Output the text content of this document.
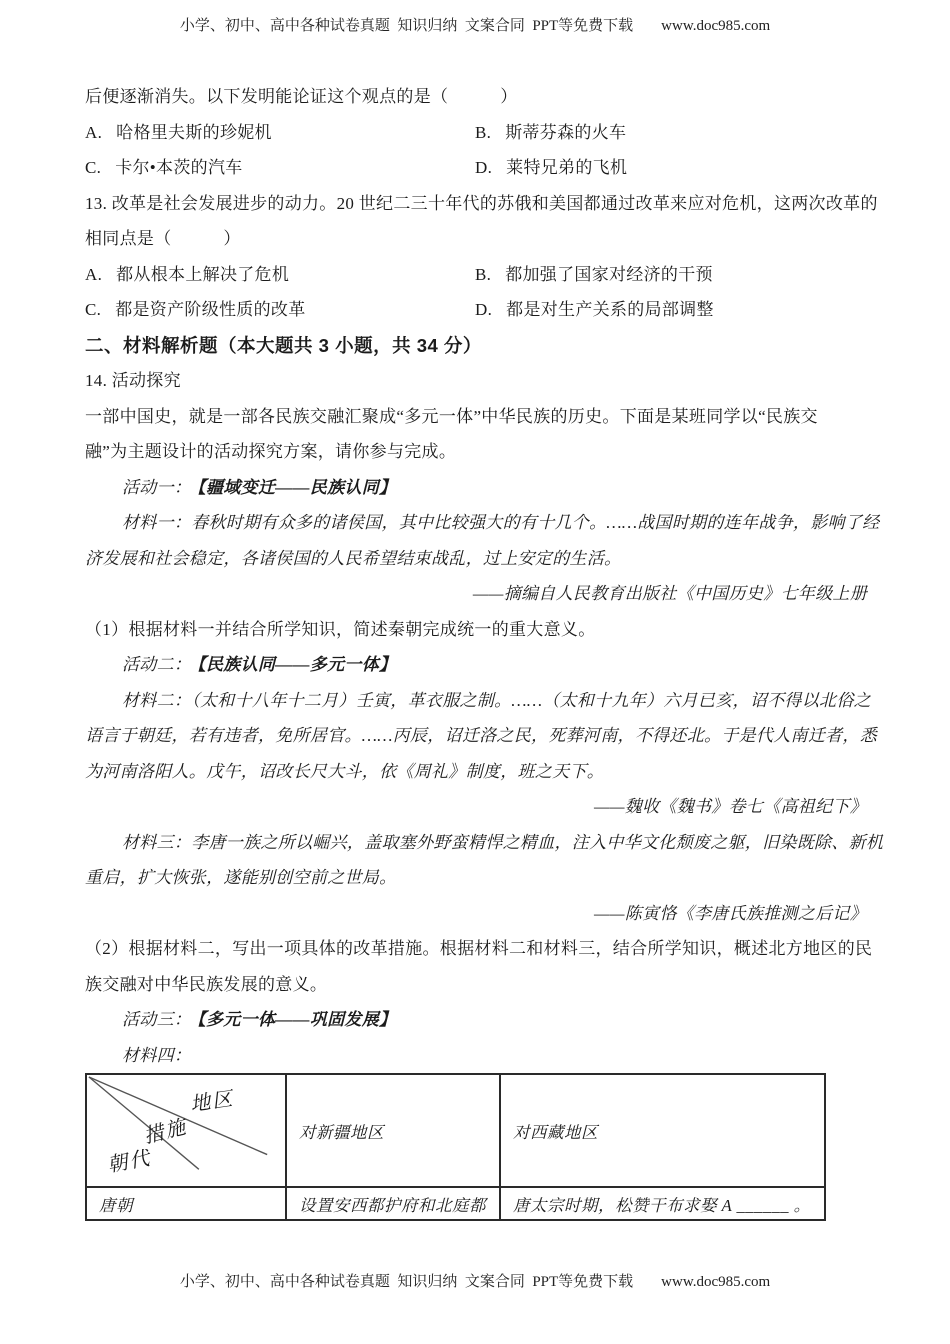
小学、初中、高中各种试卷真题  知识归纳  文案合同  PPT等免费下载 www.doc985.com
后便逐渐消失。以下发明能论证这个观点的是（　　　）
A. 哈格里夫斯的珍妮机	B. 斯蒂芬森的火车
C. 卡尔•本茨的汽车	D. 莱特兄弟的飞机
13. 改革是社会发展进步的动力。20 世纪二三十年代的苏俄和美国都通过改革来应对危机，这两次改革的
相同点是（　　　）
A. 都从根本上解决了危机	B. 都加强了国家对经济的干预
C. 都是资产阶级性质的改革	D. 都是对生产关系的局部调整
二、材料解析题（本大题共 3 小题，共 34 分）
14. 活动探究
一部中国史，就是一部各民族交融汇聚成“多元一体”中华民族的历史。下面是某班同学以“民族交
融”为主题设计的活动探究方案，请你参与完成。
活动一： 【疆域变迁——民族认同】
材料一：春秋时期有众多的诸侯国，其中比较强大的有十几个。……战国时期的连年战争，影响了经
济发展和社会稳定，各诸侯国的人民希望结束战乱，过上安定的生活。
——摘编自人民教育出版社《中国历史》七年级上册
（1）根据材料一并结合所学知识，简述秦朝完成统一的重大意义。
活动二： 【民族认同——多元一体】
材料二：（太和十八年十二月）壬寅，革衣服之制。……（太和十九年）六月已亥，诏不得以北俗之
语言于朝廷，若有违者，免所居官。……丙辰，诏迁洛之民，死葬河南，不得还北。于是代人南迁者，悉
为河南洛阳人。戊午，诏改长尺大斗，依《周礼》制度，班之天下。
——魏收《魏书》卷七《高祖纪下》
材料三：李唐一族之所以崛兴，盖取塞外野蛮精悍之精血，注入中华文化颓废之躯，旧染既除、新机
重启，扩大恢张，遂能别创空前之世局。
——陈寅恪《李唐氏族推测之后记》
（2）根据材料二，写出一项具体的改革措施。根据材料二和材料三，结合所学知识，概述北方地区的民
族交融对中华民族发展的意义。
活动三： 【多元一体——巩固发展】
材料四：
地区
措施
朝代	对新疆地区	对西藏地区
唐朝	设置安西都护府和北庭都	唐太宗时期，松赞干布求娶 A ______ 。
小学、初中、高中各种试卷真题  知识归纳  文案合同  PPT等免费下载 www.doc985.com
